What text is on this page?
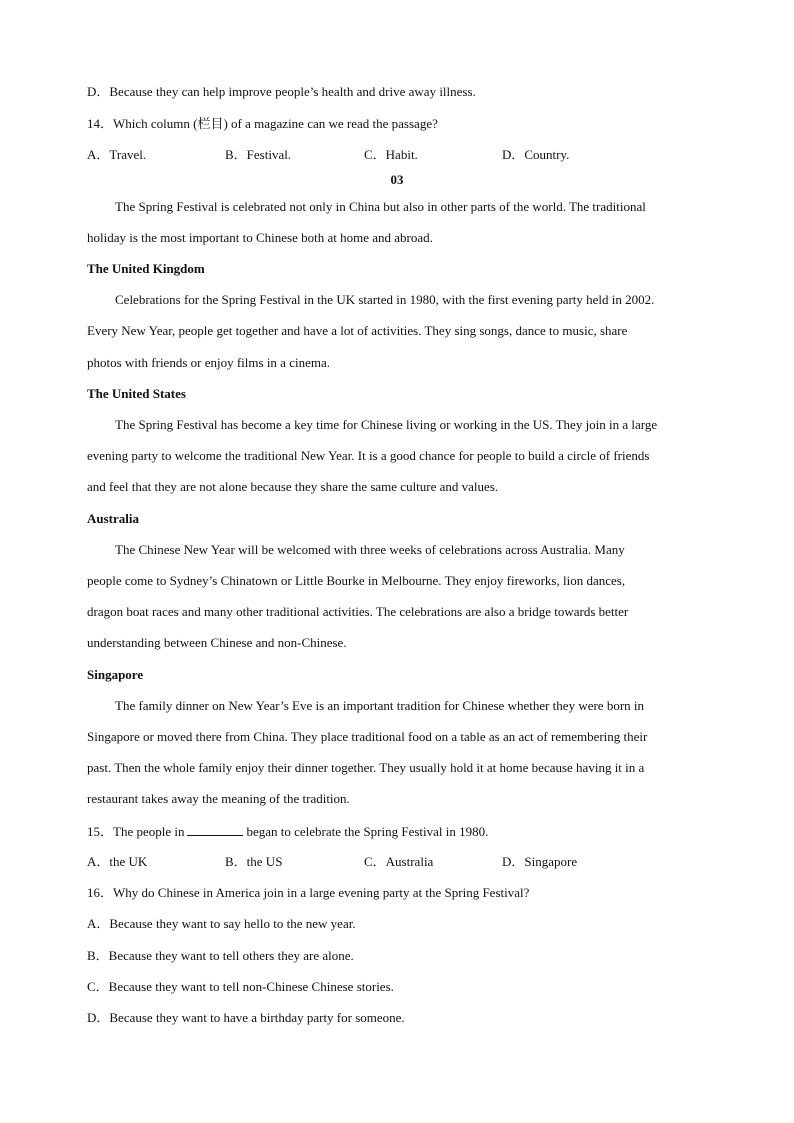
D．Because they can help improve people’s health and drive away illness.
14．Which column (栏目) of a magazine can we read the passage?
A．Travel.	B．Festival.	C．Habit.	D．Country.
03
The Spring Festival is celebrated not only in China but also in other parts of the world. The traditional
holiday is the most important to Chinese both at home and abroad.
The United Kingdom
Celebrations for the Spring Festival in the UK started in 1980, with the first evening party held in 2002.
Every New Year, people get together and have a lot of activities. They sing songs, dance to music, share
photos with friends or enjoy films in a cinema.
The United States
The Spring Festival has become a key time for Chinese living or working in the US. They join in a large
evening party to welcome the traditional New Year. It is a good chance for people to build a circle of friends
and feel that they are not alone because they share the same culture and values.
Australia
The Chinese New Year will be welcomed with three weeks of celebrations across Australia. Many
people come to Sydney’s Chinatown or Little Bourke in Melbourne. They enjoy fireworks, lion dances,
dragon boat races and many other traditional activities. The celebrations are also a bridge towards better
understanding between Chinese and non-Chinese.
Singapore
The family dinner on New Year’s Eve is an important tradition for Chinese whether they were born in
Singapore or moved there from China. They place traditional food on a table as an act of remembering their
past. Then the whole family enjoy their dinner together. They usually hold it at home because having it in a
restaurant takes away the meaning of the tradition.
15．The people in	began to celebrate the Spring Festival in 1980.
A．the UK	B．the US	C．Australia	D．Singapore
16．Why do Chinese in America join in a large evening party at the Spring Festival?
A．Because they want to say hello to the new year.
B．Because they want to tell others they are alone.
C．Because they want to tell non-Chinese Chinese stories.
D．Because they want to have a birthday party for someone.
